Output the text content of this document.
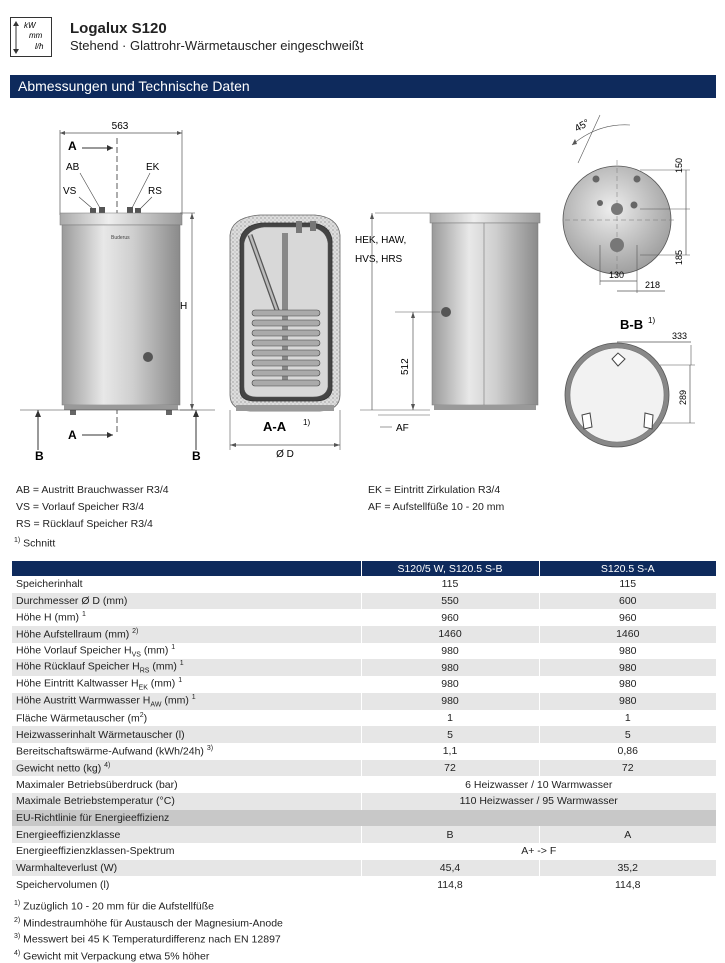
kW
mm
l/h
Logalux S120
Stehend · Glattrohr-Wärmetauscher eingeschweißt
Abmessungen und Technische Daten
563
A
AB	EK
VS	RS
Buderus
H
B	B
A
A-A 1)
Ø D
HEK, HAW,
HVS, HRS
512
AF
45°
150
185
130
218
B-B 1)
333
289
AB = Austritt Brauchwasser R3/4
VS = Vorlauf Speicher R3/4
RS = Rücklauf Speicher R3/4
EK = Eintritt Zirkulation R3/4
AF = Aufstellfüße 10 - 20 mm
$^{1)}$ Schnitt
	S120/5 W, S120.5 S-B	S120.5 S-A
Speicherinhalt	115	115
Durchmesser Ø D (mm)	550	600
Höhe H (mm) $^1$	960	960
Höhe Aufstellraum (mm) $^{2)}$	1460	1460
Höhe Vorlauf Speicher $H_{VS}$ (mm) $^1$	980	980
Höhe Rücklauf Speicher $H_{RS}$ (mm) $^1$	980	980
Höhe Eintritt Kaltwasser $H_{EK}$ (mm) $^1$	980	980
Höhe Austritt Warmwasser $H_{AW}$ (mm) $^1$	980	980
Fläche Wärmetauscher $(m^2)$	1	1
Heizwasserinhalt Wärmetauscher (l)	5	5
Bereitschaftswärme-Aufwand (kWh/24h) $^{3)}$	1,1	0,86
Gewicht netto (kg) $^{4)}$	72	72
Maximaler Betriebsüberdruck (bar)	6 Heizwasser / 10 Warmwasser	
Maximale Betriebstemperatur (°C)	110 Heizwasser / 95 Warmwasser	
EU-Richtlinie für Energieeffizienz		
Energieeffizienzklasse	B	A
Energieeffizienzklassen-Spektrum	A+ -> F	
Warmhalteverlust (W)	45,4	35,2
Speichervolumen (l)	114,8	114,8
$^{1)}$ Zuzüglich 10 - 20 mm für die Aufstellfüße
$^{2)}$ Mindestraumhöhe für Austausch der Magnesium-Anode
$^{3)}$ Messwert bei 45 K Temperaturdifferenz nach EN 12897
$^{4)}$ Gewicht mit Verpackung etwa 5% höher
